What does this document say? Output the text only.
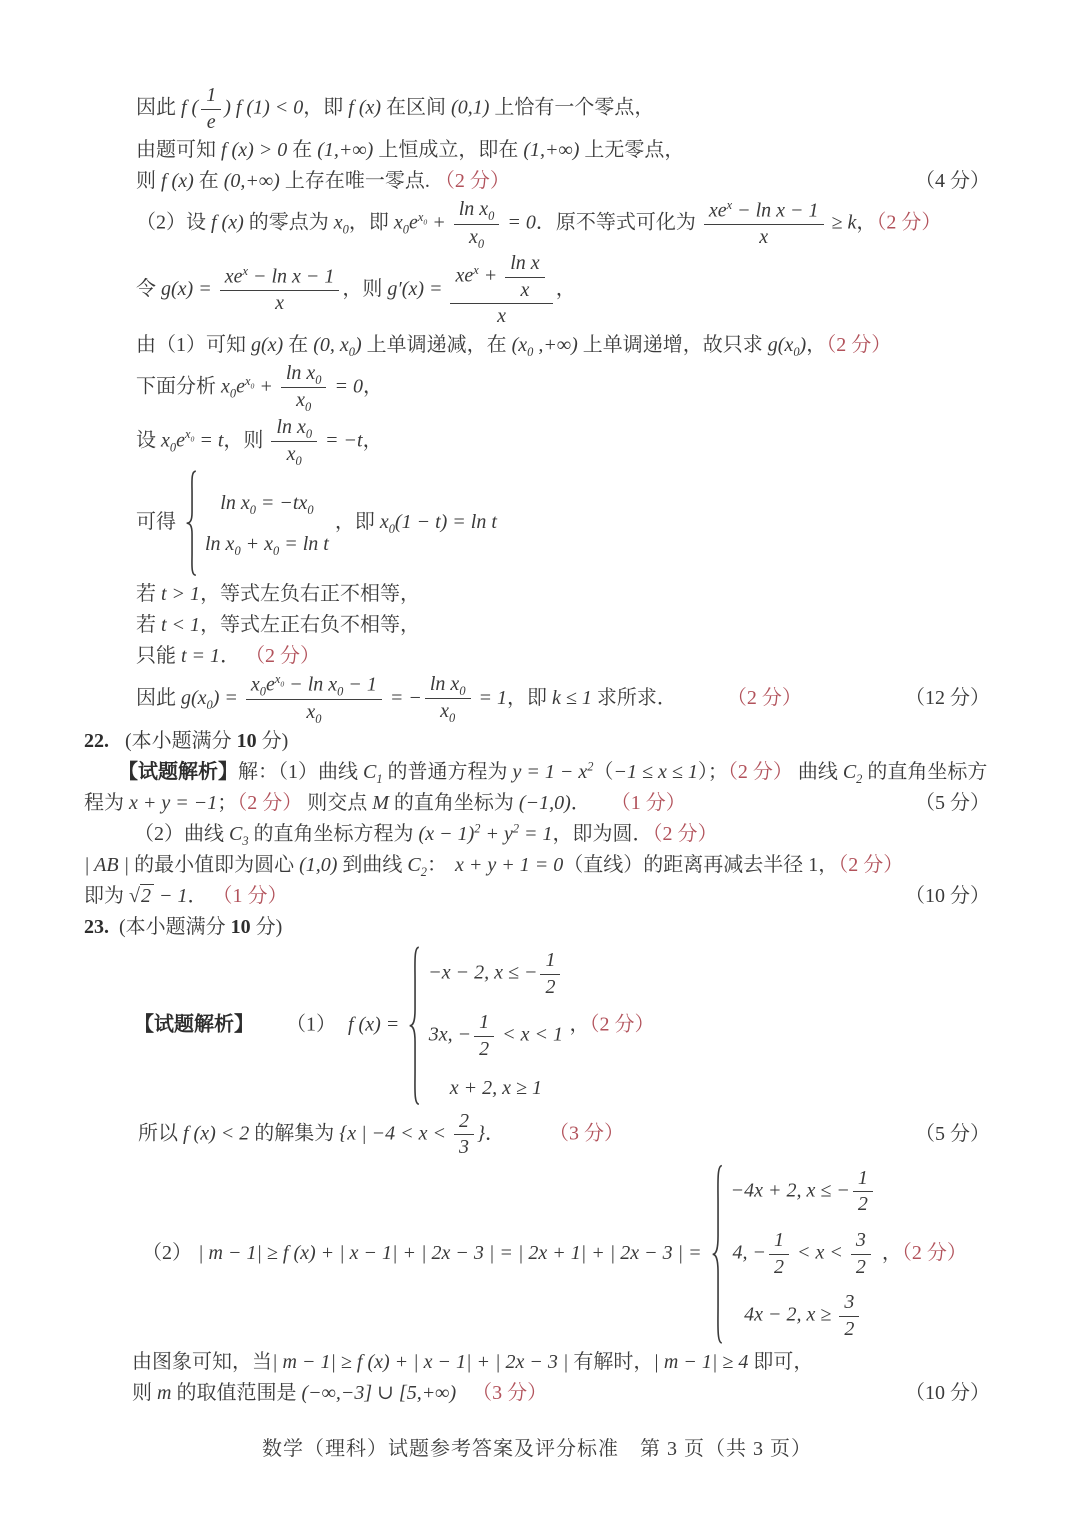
因此 f ( $\frac{1}{e}$ ) f (1) < 0，即 f (x) 在区间 (0,1) 上恰有一个零点，
由题可知 f (x) > 0 在 (1,+∞) 上恒成立，即在 (1,+∞) 上无零点，
则 f (x) 在 (0,+∞) 上存在唯一零点. （2 分）	（4 分）
（2）设 f (x) 的零点为 $x_0$，即 $x_0e^{x_0} + \frac{\ln x_0}{x_0} = 0$．原不等式可化为 $\frac{xe^x - \ln x - 1}{x} \ge k$，（2 分）
令 $g(x) = \frac{xe^x - \ln x - 1}{x}$ ，则 $g'(x) = \frac{xe^x + \frac{\text{ln x}}{x}}{x}$ ，
由（1）可知 g(x) 在 (0, $x_0$) 上单调递减，在 ($x_0$ ,+∞) 上单调递增，故只求 $g(x_0)$，（2 分）
下面分析 $x_0e^{x_0} + \frac{\ln x_0}{x_0} = 0$，
设 $x_0e^{x_0} = t$，则 $\frac{\ln x_0}{x_0} = -t$，
可得
$\ln x_0 = -tx_0$
$\ln x_0 + x_0 = \ln t$
，即 $x_0(1 - t) = \ln t$
若 t > 1，等式左负右正不相等，
若 t < 1，等式左正右负不相等，
只能 t = 1． （2 分）
因此 $g(x_0) = \frac{x_0e^{x_0} - \ln x_0 - 1}{x_0}$ = − $\frac{\ln x_0}{x_0} = 1$，即 k ≤ 1 求所求．	（2 分）	（12 分）
22. (本小题满分 10 分)
【试题解析】解：（1）曲线 $C_1$ 的普通方程为 $y = 1 - x^2(-1 \le x \le 1)$；（2 分） 曲线 $C_2$ 的直角坐标方
程为 x + y = −1；（2 分） 则交点 M 的直角坐标为 (−1,0)． （1 分）	（5 分）
（2）曲线 $C_3$ 的直角坐标方程为 $(x - 1)^2 + y^2 = 1$，即为圆．（2 分）
| AB | 的最小值即为圆心 (1,0) 到曲线 $C_2$： x + y + 1 = 0（直线）的距离再减去半径 1，（2 分）
即为 √2 − 1． （1 分）	（10 分）
23. (本小题满分 10 分)
【试题解析】 （1） f (x) =
−x − 2, x ≤ − $\frac{1}{2}$
3x, − $\frac{1}{2} < x < 1$
x + 2, x ≥ 1
，（2 分）
所以 f (x) < 2 的解集为 {x | $-4 < x < \frac{2}{3}$ }． （3 分）	（5 分）
（2） | m − 1| ≥ f (x) + | x − 1| + | 2x − 3 | = | 2x + 1| + | 2x − 3 | =
−4x + 2, x ≤ − $\frac{1}{2}$
4, − $\frac{1}{2} < x < \frac{3}{2}$
4x − 2, $x \ge \frac{3}{2}$
，（2 分）
由图象可知，当| m − 1| ≥ f (x) + | x − 1| + | 2x − 3 | 有解时，| m − 1| ≥ 4 即可，
则 m 的取值范围是 (−∞,−3] ∪ [5,+∞) （3 分）	（10 分）
数学（理科）试题参考答案及评分标准　第 3 页（共 3 页）
